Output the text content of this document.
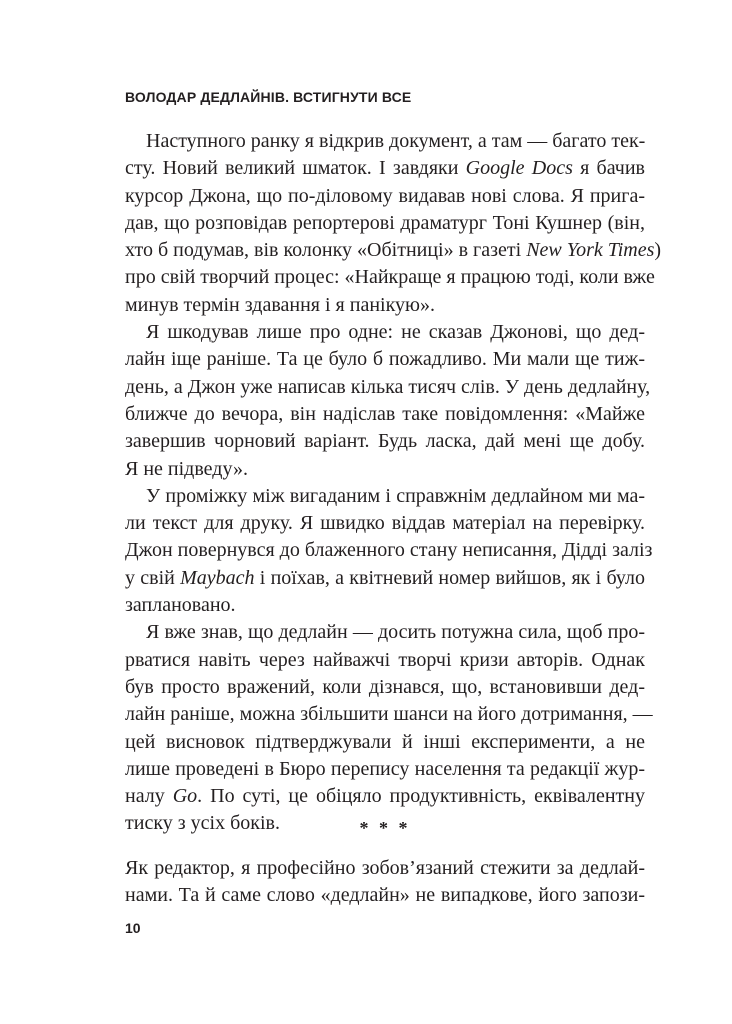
ВОЛОДАР ДЕДЛАЙНІВ. ВСТИГНУТИ ВСЕ
Наступного ранку я відкрив документ, а там — багато тек-
сту. Новий великий шматок. І завдяки Google Docs я бачив
курсор Джона, що по-діловому видавав нові слова. Я прига-
дав, що розповідав репортерові драматург Тоні Кушнер (він,
хто б подумав, вів колонку «Обітниці» в газеті New York Times)
про свій творчий процес: «Найкраще я працюю тоді, коли вже
минув термін здавання і я панікую».
Я шкодував лише про одне: не сказав Джонові, що дед-
лайн іще раніше. Та це було б пожадливо. Ми мали ще тиж-
день, а Джон уже написав кілька тисяч слів. У день дедлайну,
ближче до вечора, він надіслав таке повідомлення: «Майже
завершив чорновий варіант. Будь ласка, дай мені ще добу.
Я не підведу».
У проміжку між вигаданим і справжнім дедлайном ми ма-
ли текст для друку. Я швидко віддав матеріал на перевірку.
Джон повернувся до блаженного стану неписання, Дідді заліз
у свій Maybach і поїхав, а квітневий номер вийшов, як і було
заплановано.
Я вже знав, що дедлайн — досить потужна сила, щоб про-
рватися навіть через найважчі творчі кризи авторів. Однак
був просто вражений, коли дізнався, що, встановивши дед-
лайн раніше, можна збільшити шанси на його дотримання, —
цей висновок підтверджували й інші експерименти, а не
лише проведені в Бюро перепису населення та редакції жур-
налу Go. По суті, це обіцяло продуктивність, еквівалентну
тиску з усіх боків.	* * *
Як редактор, я професійно зобов’язаний стежити за дедлай-
нами. Та й саме слово «дедлайн» не випадкове, його запози-
10
